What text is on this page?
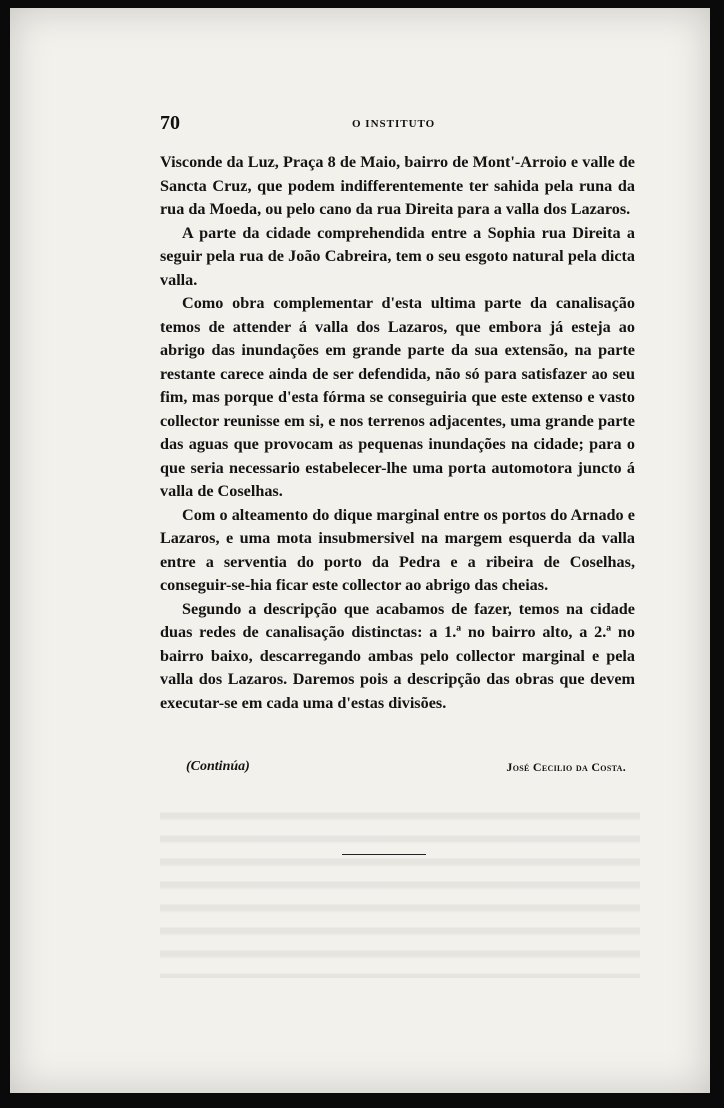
70	O INSTITUTO

Visconde da Luz, Praça 8 de Maio, bairro de Mont'-Arroio e valle de Sancta Cruz, que podem indifferentemente ter sahida pela runa da rua da Moeda, ou pelo cano da rua Direita para a valla dos Lazaros.

A parte da cidade comprehendida entre a Sophia rua Direita a seguir pela rua de João Cabreira, tem o seu esgoto natural pela dicta valla.

Como obra complementar d'esta ultima parte da canalisação temos de attender á valla dos Lazaros, que embora já esteja ao abrigo das inundações em grande parte da sua extensão, na parte restante carece ainda de ser defendida, não só para satisfazer ao seu fim, mas porque d'esta fórma se conseguiria que este extenso e vasto collector reunisse em si, e nos terrenos adjacentes, uma grande parte das aguas que provocam as pequenas inundações na cidade; para o que seria necessario estabelecer-lhe uma porta automotora juncto á valla de Coselhas.

Com o alteamento do dique marginal entre os portos do Arnado e Lazaros, e uma mota insubmersivel na margem esquerda da valla entre a serventia do porto da Pedra e a ribeira de Coselhas, conseguir-se-hia ficar este collector ao abrigo das cheias.

Segundo a descripção que acabamos de fazer, temos na cidade duas redes de canalisação distinctas: a 1.ª no bairro alto, a 2.ª no bairro baixo, descarregando ambas pelo collector marginal e pela valla dos Lazaros. Daremos pois a descripção das obras que devem executar-se em cada uma d'estas divisões.

(Continúa)	José Cecilio da Costa.
